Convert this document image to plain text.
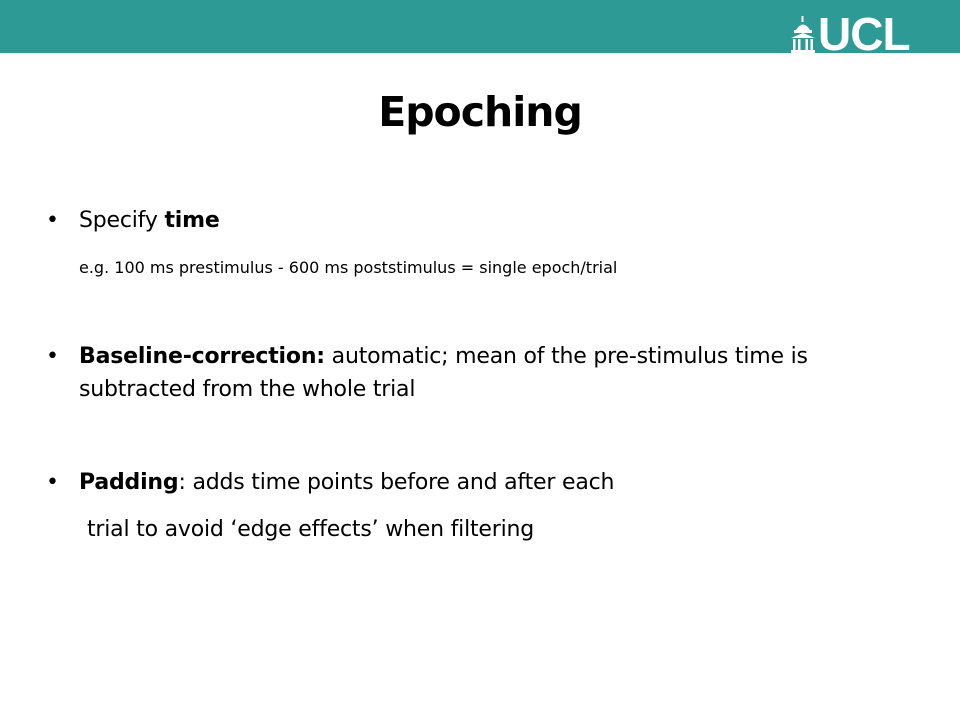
UCL
Epoching
• Specify time
e.g. 100 ms prestimulus - 600 ms poststimulus = single epoch/trial
• Baseline-correction: automatic; mean of the pre-stimulus time is subtracted from the whole trial
• Padding: adds time points before and after each
trial to avoid ‘edge effects’ when filtering
